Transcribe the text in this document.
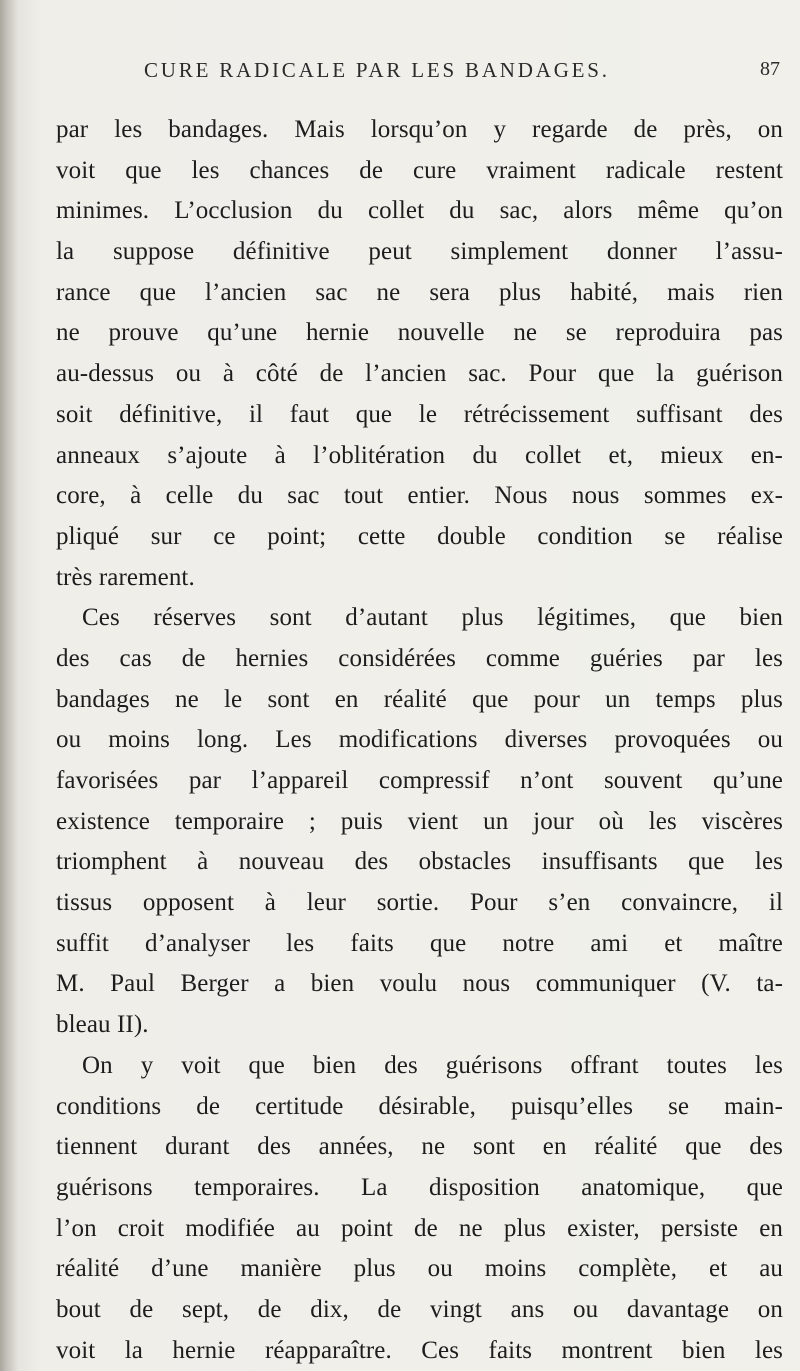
CURE RADICALE PAR LES BANDAGES.	87
par les bandages. Mais lorsqu’on y regarde de près, on
voit que les chances de cure vraiment radicale restent
minimes. L’occlusion du collet du sac, alors même qu’on
la suppose définitive peut simplement donner l’assu-
rance que l’ancien sac ne sera plus habité, mais rien
ne prouve qu’une hernie nouvelle ne se reproduira pas
au-dessus ou à côté de l’ancien sac. Pour que la guérison
soit définitive, il faut que le rétrécissement suffisant des
anneaux s’ajoute à l’oblitération du collet et, mieux en-
core, à celle du sac tout entier. Nous nous sommes ex-
pliqué sur ce point; cette double condition se réalise
très rarement.
Ces réserves sont d’autant plus légitimes, que bien
des cas de hernies considérées comme guéries par les
bandages ne le sont en réalité que pour un temps plus
ou moins long. Les modifications diverses provoquées ou
favorisées par l’appareil compressif n’ont souvent qu’une
existence temporaire ; puis vient un jour où les viscères
triomphent à nouveau des obstacles insuffisants que les
tissus opposent à leur sortie. Pour s’en convaincre, il
suffit d’analyser les faits que notre ami et maître
M. Paul Berger a bien voulu nous communiquer (V. ta-
bleau II).
On y voit que bien des guérisons offrant toutes les
conditions de certitude désirable, puisqu’elles se main-
tiennent durant des années, ne sont en réalité que des
guérisons temporaires. La disposition anatomique, que
l’on croit modifiée au point de ne plus exister, persiste en
réalité d’une manière plus ou moins complète, et au
bout de sept, de dix, de vingt ans ou davantage on
voit la hernie réapparaître. Ces faits montrent bien les
